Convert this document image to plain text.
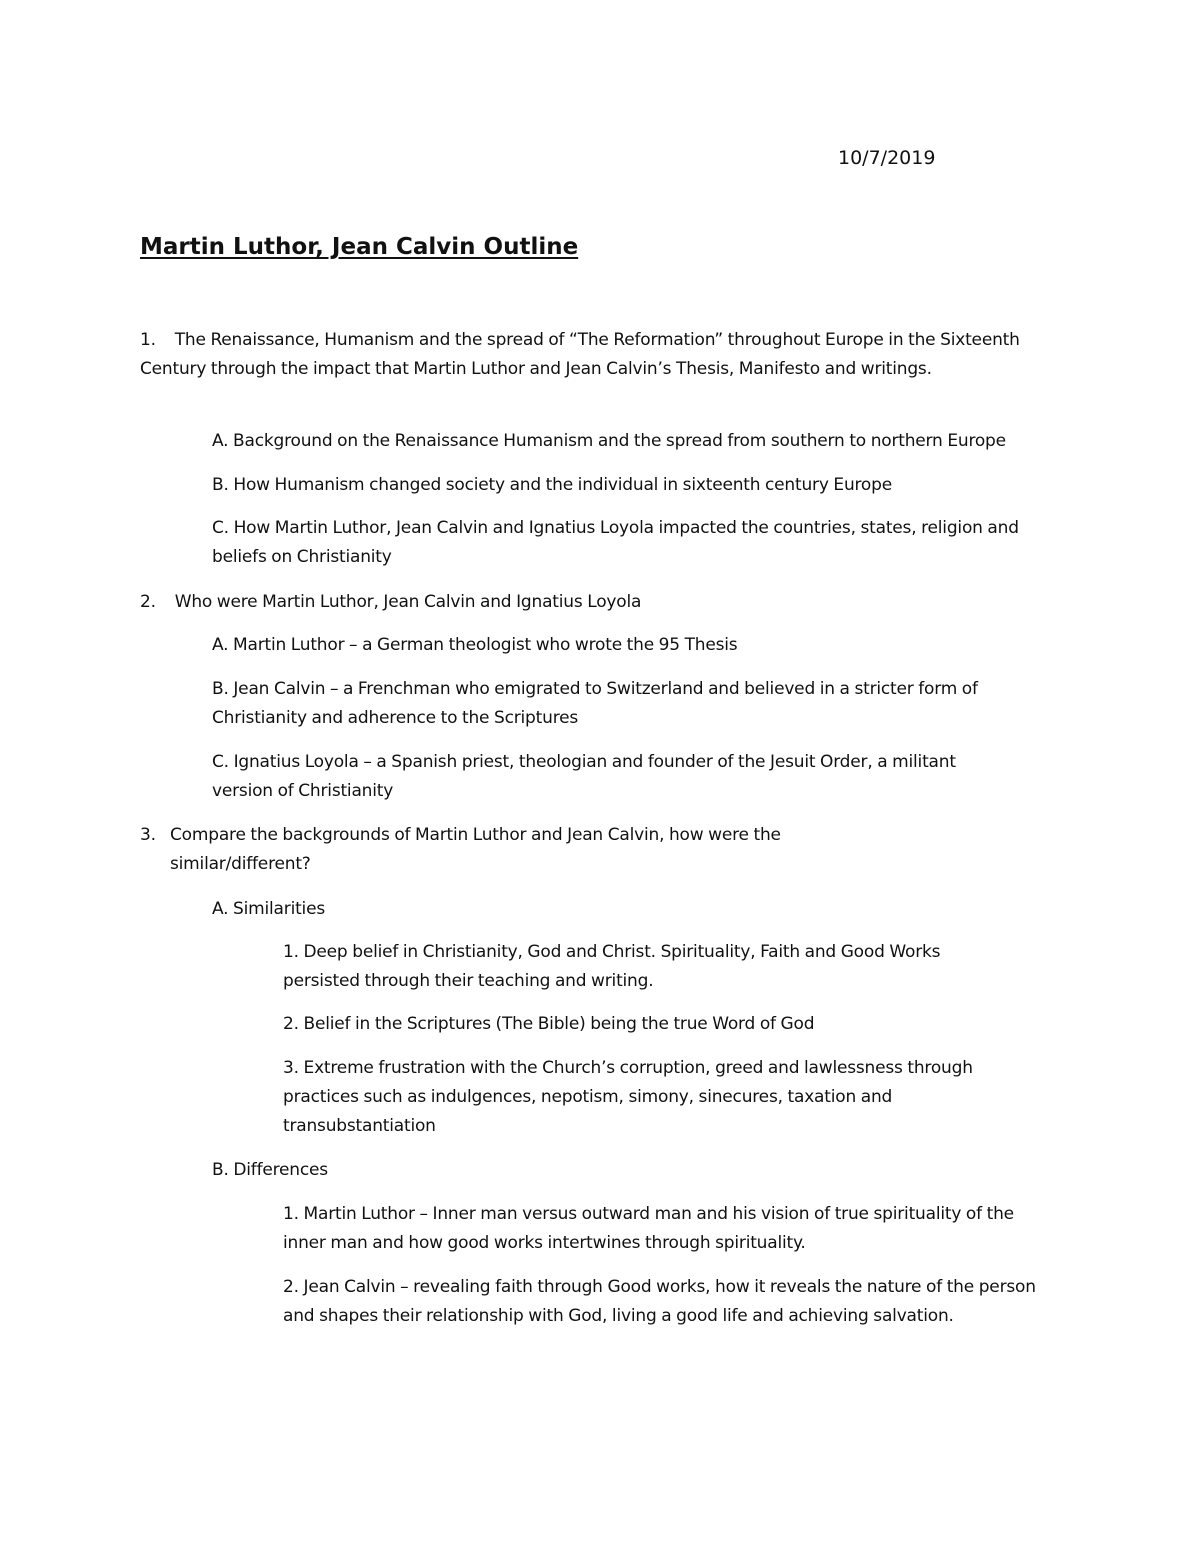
10/7/2019
Martin Luthor, Jean Calvin Outline
1. The Renaissance, Humanism and the spread of “The Reformation” throughout Europe in the Sixteenth Century through the impact that Martin Luthor and Jean Calvin’s Thesis, Manifesto and writings.
A. Background on the Renaissance Humanism and the spread from southern to northern Europe
B. How Humanism changed society and the individual in sixteenth century Europe
C. How Martin Luthor, Jean Calvin and Ignatius Loyola impacted the countries, states, religion and beliefs on Christianity
2. Who were Martin Luthor, Jean Calvin and Ignatius Loyola
A. Martin Luthor – a German theologist who wrote the 95 Thesis
B. Jean Calvin – a Frenchman who emigrated to Switzerland and believed in a stricter form of Christianity and adherence to the Scriptures
C. Ignatius Loyola – a Spanish priest, theologian and founder of the Jesuit Order, a militant version of Christianity
3. Compare the backgrounds of Martin Luthor and Jean Calvin, how were the similar/different?
A. Similarities
1. Deep belief in Christianity, God and Christ. Spirituality, Faith and Good Works persisted through their teaching and writing.
2. Belief in the Scriptures (The Bible) being the true Word of God
3. Extreme frustration with the Church’s corruption, greed and lawlessness through practices such as indulgences, nepotism, simony, sinecures, taxation and transubstantiation
B. Differences
1. Martin Luthor – Inner man versus outward man and his vision of true spirituality of the inner man and how good works intertwines through spirituality.
2. Jean Calvin – revealing faith through Good works, how it reveals the nature of the person and shapes their relationship with God, living a good life and achieving salvation.
